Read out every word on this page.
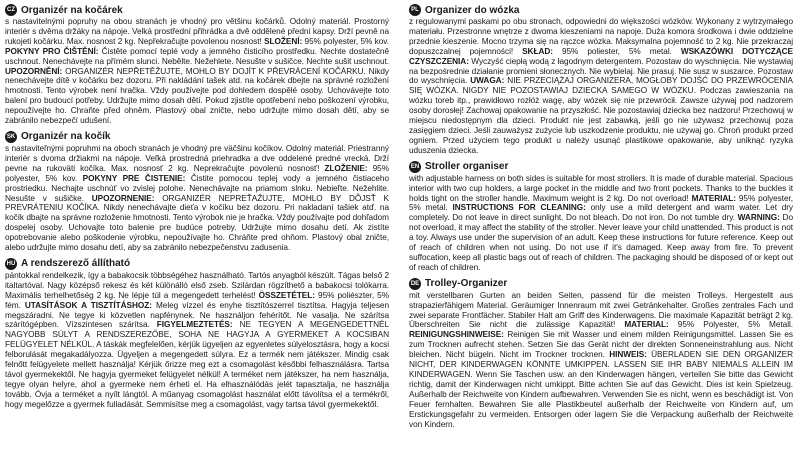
CZ Organizér na kočárek
s nastavitelnými popruhy na obou stranách je vhodný pro většinu kočárků. Odolný materiál. Prostorný interiér s dvěma držáky na nápoje. Velká prostřední přihrádka a dvě oddělené přední kapsy. Drží pevně na rukojeti kočárku. Max. nosnost 2 kg. Nepřekračujte povolenou nosnost! SLOŽENÍ: 95% polyester, 5% kov. POKYNY PRO ČIŠTĚNÍ: Čistěte pomocí teplé vody a jemného čisticího prostředku. Nechte dostatečně uschnout. Nenechávejte na přímém slunci. Nebělte. Nežehlete. Nesušte v sušičce. Nechte sušit uschnout. UPOZORNĚNÍ: ORGANIZÉR NEPŘETĚŽUJTE, MOHLO BY DOJÍT K PŘEVRÁCENÍ KOČÁRKU. Nikdy nenechávejte dítě v kočárku bez dozoru. Při nakládání tašek atd. na kočárek dbejte na správné rozložení hmotnosti. Tento výrobek není hračka. Vždy používejte pod dohledem dospělé osoby. Uchovávejte toto balení pro budoucí potřeby. Udržujte mimo dosah dětí. Pokud zjistíte opotřebení nebo poškození výrobku, nepoužívejte ho. Chraňte před ohněm. Plastový obal zničte, nebo udržujte mimo dosah dětí, aby se zabránilo nebezpečí udušení.
SK Organizér na kočík
s nastaviteľnými popruhmi na oboch stranách je vhodný pre väčšinu kočíkov. Odolný materiál. Priestranný interiér s dvoma držiakmi na nápoje. Veľká prostredná priehradka a dve oddelené predné vrecká. Drží pevne na rukoväti kočíka. Max. nosnosť 2 kg. Neprekračujte povolenú nosnosť! ZLOŽENIE: 95% polyester, 5% kov. POKYNY PRE ČISTENIE: Čistite pomocou teplej vody a jemného čistiaceho prostriedku. Nechajte uschnúť vo zvislej polohe. Nenechávajte na priamom slnku. Nebieľte. Nežehlite. Nesušte v sušičke. UPOZORNENIE: ORGANIZÉR NEPREŤAŽUJTE, MOHLO BY DÔJSŤ K PREVRÁTENIU KOČÍKA. Nikdy nenechávajte dieťa v kočíku bez dozoru. Pri nakladaní tašiek atď. na kočík dbajte na správne rozloženie hmotnosti. Tento výrobok nie je hračka. Vždy používajte pod dohľadom dospelej osoby. Uchovajte toto balenie pre budúce potreby. Udržujte mimo dosahu detí. Ak zistíte opotrebovanie alebo poškodenie výrobku, nepoužívajte ho. Chráňte pred ohňom. Plastový obal zničte, alebo udržujte mimo dosahu detí, aby sa zabránilo nebezpečenstvu zadusenia.
HU A rendszerező állítható
pántokkal rendelkezik, így a babakocsik többségéhez használható. Tartós anyagból készült. Tágas belső 2 italtartóval. Nagy középső rekesz és két különálló első zseb. Szilárdan rögzíthető a babakocsi tolókarra. Maximális terhelhetőség 2 kg. Ne lépje túl a megengedett terhelést! ÖSSZETÉTEL: 95% poliészter, 5% fém. UTASÍTÁSOK A TISZTÍTÁSHOZ: Meleg vízzel és enyhe tisztítószerrel tisztítsa. Hagyja teljesen megszáradni. Ne tegye ki közvetlen napfénynek. Ne használjon fehérítőt. Ne vasalja. Ne szárítsa szárítógépben. Vízszintesen szárítsa. FIGYELMEZTETÉS: NE TEGYEN A MEGENGEDETTNÉL NAGYOBB SÚLYT A RENDSZEREZŐBE, SOHA NE HAGYJA A GYERMEKET A KOCSIBAN FELÜGYELET NÉLKÜL. A táskák megfelelően, kérjük ügyeljen az egyenletes súlyelosztásra, hogy a kocsi felborulását megakadályozza. Ügyeljen a megengedett súlyra. Ez a termék nem játékszer. Mindig csak felnőtt felügyelete mellett használja! Kérjük őrizze meg ezt a csomagolást későbbi felhasználásra. Tartsa távol gyermekektől. Ne hagyja gyermeket felügyelet nélkül! A terméket nem játékszer, ha nem használja, tegye olyan helyre, ahol a gyermeke nem érheti el. Ha elhasználódás jelét tapasztalja, ne használja tovább. Óvja a terméket a nyílt lángtól. A műanyag csomagolást használat előtt távolítsa el a termékről, hogy megelőzze a gyermek fulladását. Semmisítse meg a csomagolást, vagy tartsa távol gyermekektől.
PL Organizer do wózka
z regulowanymi paskami po obu stronach, odpowiedni do większości wózków. Wykonany z wytrzymałego materiału. Przestronne wnętrze z dwoma kieszeniami na napoje. Duża komora środkowa i dwie oddzielne przednie kieszenie. Mocno trzyma się na rączce wózka. Maksymalna pojemność to 2 kg. Nie przekraczaj dopuszczalnej pojemności! SKŁAD: 95% poliester, 5% metal. WSKAZÓWKI DOTYCZĄCE CZYSZCZENIA: Wyczyść ciepłą wodą z łagodnym detergentem. Pozostaw do wyschnięcia. Nie wystawiaj na bezpośrednie działanie promieni słonecznych. Nie wybielaj. Nie prasuj. Nie susz w suszarce. Pozostaw do wyschnięcia. UWAGA: NIE PRZECIĄŻAJ ORGANIZERA, MOGŁOBY DOJŚĆ DO PRZEWRÓCENIA SIĘ WÓZKA. NIGDY NIE POZOSTAWIAJ DZIECKA SAMEGO W WÓZKU. Podczas zawieszania na wózku toreb itp., prawidłowo rozłóż wagę, aby wózek się nie przewrócił. Zawsze używaj pod nadzorem osoby dorosłej! Zachowaj opakowanie na przyszłość. Nie pozostawiaj dziecka bez nadzoru! Przechowuj w miejscu niedostępnym dla dzieci. Produkt nie jest zabawką, jeśli go nie używasz przechowuj poza zasięgiem dzieci. Jeśli zauważysz zużycie lub uszkodzenie produktu, nie używaj go. Chroń produkt przed ogniem. Przed użyciem tego produkt u należy usunąć plastikowe opakowanie, aby uniknąć ryzyka uduszenia dziecka.
EN Stroller organiser
with adjustable harness on both sides is suitable for most strollers. It is made of durable material. Spacious interior with two cup holders, a large pocket in the middle and two front pockets. Thanks to the buckles it holds tight on the stroller handle. Maximum weight is 2 kg. Do not overload! MATERIAL: 95% polyester, 5% metal. INSTRUCTIONS FOR CLEANING: only use a mild detergent and warm water. Let dry completely. Do not leave in direct sunlight. Do not bleach. Do not iron. Do not tumble dry. WARNING: Do not overload, it may affect the stability of the stroller. Never leave your child unattended. This product is not a toy. Always use under the supervision of an adult. Keep these instructions for future reference. Keep out of reach of children when not using. Do not use if it's damaged. Keep away from fire. To prevent suffocation, keep all plastic bags out of reach of children. The packaging should be disposed of or kept out of reach of children.
DE Trolley-Organizer
mit verstellbaren Gurten an beiden Seiten, passend für die meisten Trolleys. Hergestellt aus strapazierfähigem Material. Geräumiger Innenraum mit zwei Getränkehalter. Großes zentrales Fach und zwei separate Frontfächer. Stabiler Halt am Griff des Kinderwagens. Die maximale Kapazität beträgt 2 kg. Überschreiten Sie nicht die zulässige Kapazität! MATERIAL: 95% Polyester, 5% Metall. REINIGUNGSHINWEISE: Reinigen Sie mit Wasser und einem milden Reinigungsmittel. Lassen Sie es zum Trocknen aufrecht stehen. Setzen Sie das Gerät nicht der direkten Sonneneinstrahlung aus. Nicht bleichen. Nicht bügeln. Nicht im Trockner trocknen. HINWEIS: ÜBERLADEN SIE DEN ORGANIZER NICHT, DER KINDERWAGEN KÖNNTE UMKIPPEN. LASSEN SIE IHR BABY NIEMALS ALLEIN IM KINDERWAGEN. Wenn Sie Taschen usw. an den Kinderwagen hängen, verteilen Sie bitte das Gewicht richtig, damit der Kinderwagen nicht umkippt. Bitte achten Sie auf das Gewicht. Dies ist kein Spielzeug. Außerhalb der Reichweite von Kindern aufbewahren. Verwenden Sie es nicht, wenn es beschädigt ist. Von Feuer fernhalten. Bewahren Sie alle Plastikbeutel außerhalb der Reichweite von Kindern auf, um Erstickungsgefahr zu vermeiden. Entsorgen oder lagern Sie die Verpackung außerhalb der Reichweite von Kindern.
